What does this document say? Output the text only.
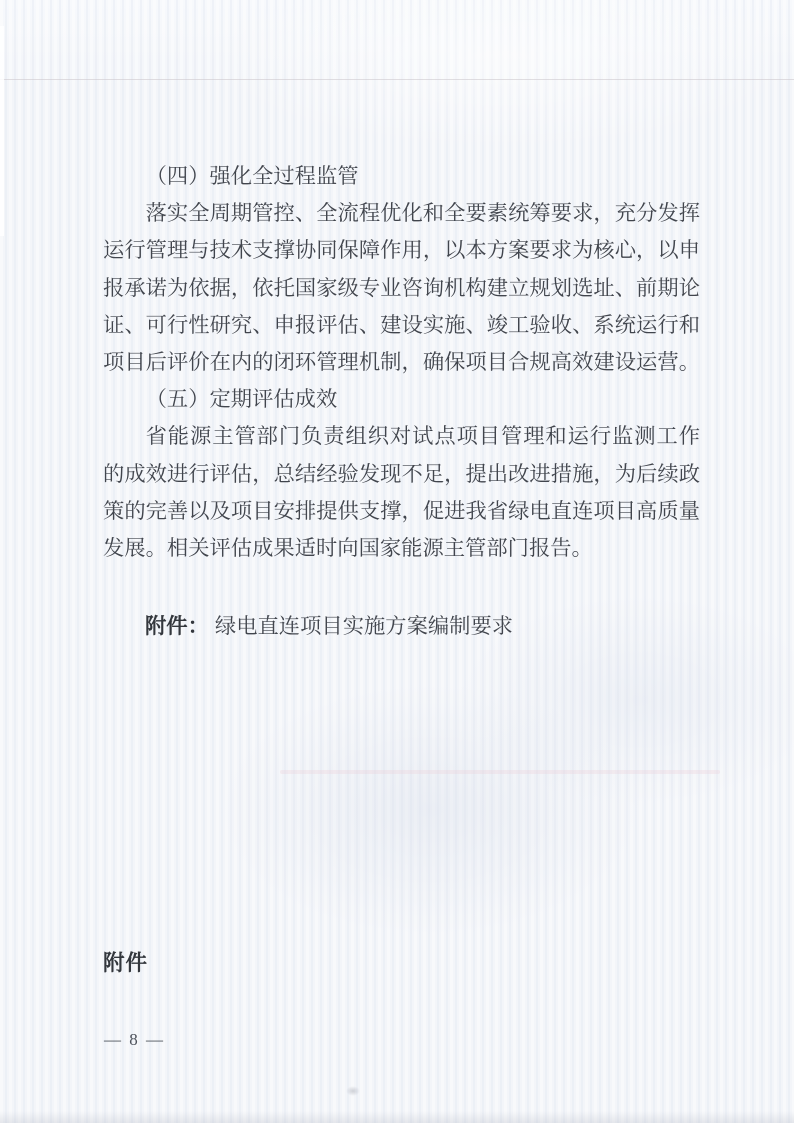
（四）强化全过程监管
落实全周期管控、全流程优化和全要素统筹要求，充分发挥
运行管理与技术支撑协同保障作用，以本方案要求为核心，以申
报承诺为依据，依托国家级专业咨询机构建立规划选址、前期论
证、可行性研究、申报评估、建设实施、竣工验收、系统运行和
项目后评价在内的闭环管理机制，确保项目合规高效建设运营。
（五）定期评估成效
省能源主管部门负责组织对试点项目管理和运行监测工作
的成效进行评估，总结经验发现不足，提出改进措施，为后续政
策的完善以及项目安排提供支撑，促进我省绿电直连项目高质量
发展。相关评估成果适时向国家能源主管部门报告。
附件： 绿电直连项目实施方案编制要求
附件
— 8 —
